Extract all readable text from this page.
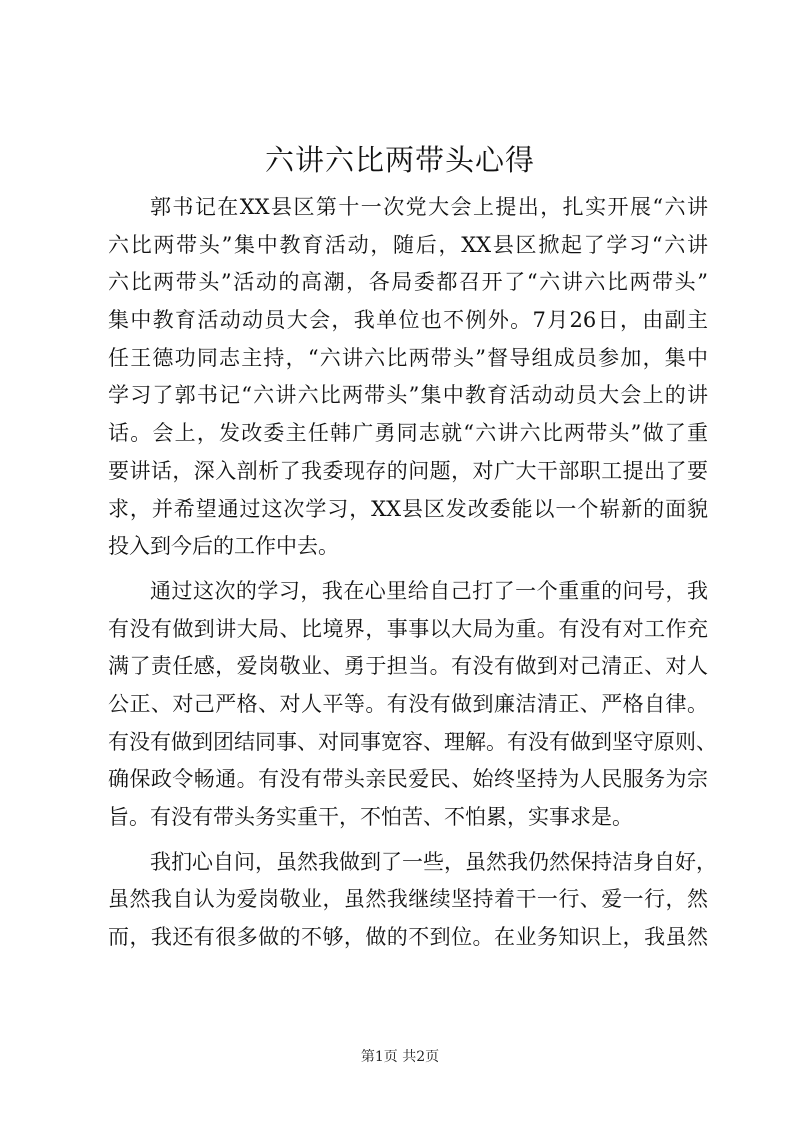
六讲六比两带头心得
郭书记在XX县区第十一次党大会上提出，扎实开展“六讲
六比两带头”集中教育活动，随后，XX县区掀起了学习“六讲
六比两带头”活动的高潮，各局委都召开了“六讲六比两带头”
集中教育活动动员大会，我单位也不例外。7月26日，由副主
任王德功同志主持，“六讲六比两带头”督导组成员参加，集中
学习了郭书记“六讲六比两带头”集中教育活动动员大会上的讲
话。会上，发改委主任韩广勇同志就“六讲六比两带头”做了重
要讲话，深入剖析了我委现存的问题，对广大干部职工提出了要
求，并希望通过这次学习，XX县区发改委能以一个崭新的面貌
投入到今后的工作中去。
通过这次的学习，我在心里给自己打了一个重重的问号，我
有没有做到讲大局、比境界，事事以大局为重。有没有对工作充
满了责任感，爱岗敬业、勇于担当。有没有做到对己清正、对人
公正、对己严格、对人平等。有没有做到廉洁清正、严格自律。
有没有做到团结同事、对同事宽容、理解。有没有做到坚守原则、
确保政令畅通。有没有带头亲民爱民、始终坚持为人民服务为宗
旨。有没有带头务实重干，不怕苦、不怕累，实事求是。
我扪心自问，虽然我做到了一些，虽然我仍然保持洁身自好，
虽然我自认为爱岗敬业，虽然我继续坚持着干一行、爱一行，然
而，我还有很多做的不够，做的不到位。在业务知识上，我虽然
第1页 共2页
